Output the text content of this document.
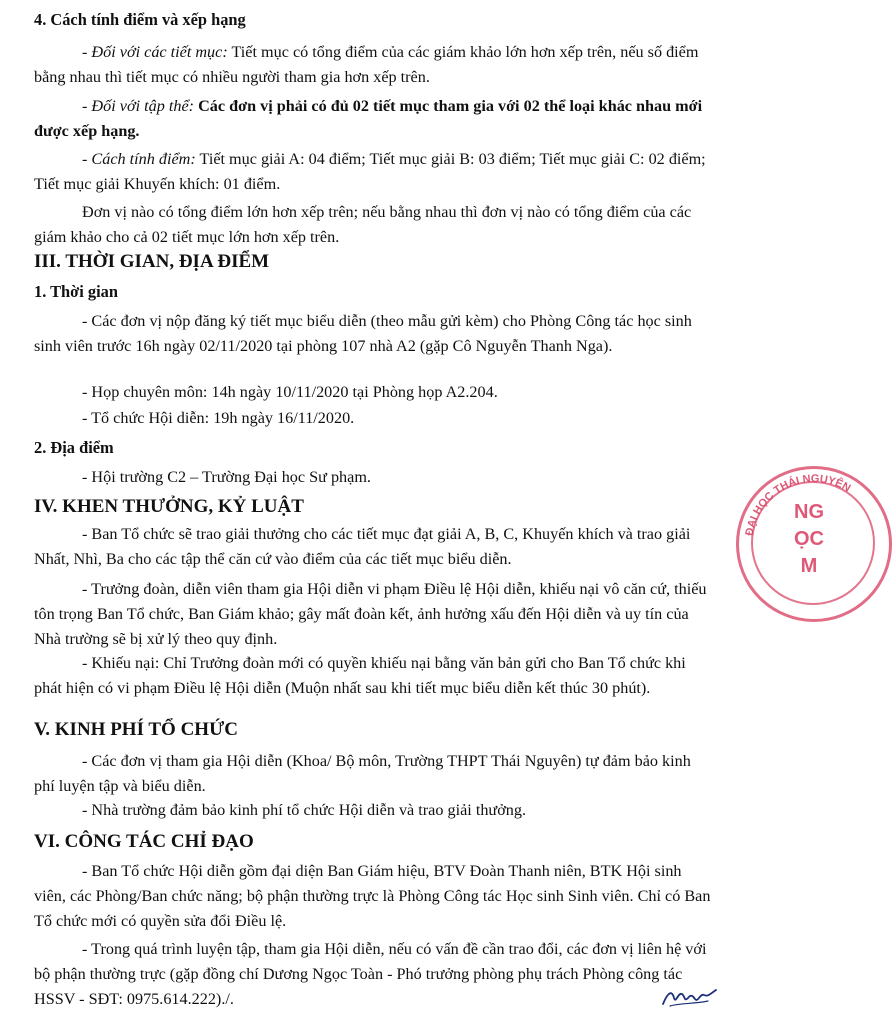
4. Cách tính điểm và xếp hạng
- Đối với các tiết mục: Tiết mục có tổng điểm của các giám khảo lớn hơn xếp trên, nếu số điểm bằng nhau thì tiết mục có nhiều người tham gia hơn xếp trên.
- Đối với tập thể: Các đơn vị phải có đủ 02 tiết mục tham gia với 02 thể loại khác nhau mới được xếp hạng.
- Cách tính điểm: Tiết mục giải A: 04 điểm; Tiết mục giải B: 03 điểm; Tiết mục giải C: 02 điểm; Tiết mục giải Khuyến khích: 01 điểm.
Đơn vị nào có tổng điểm lớn hơn xếp trên; nếu bằng nhau thì đơn vị nào có tổng điểm của các giám khảo cho cả 02 tiết mục lớn hơn xếp trên.
III. THỜI GIAN, ĐỊA ĐIỂM
1. Thời gian
- Các đơn vị nộp đăng ký tiết mục biểu diễn (theo mẫu gửi kèm) cho Phòng Công tác học sinh sinh viên trước 16h ngày 02/11/2020 tại phòng 107 nhà A2 (gặp Cô Nguyễn Thanh Nga).
- Họp chuyên môn: 14h ngày 10/11/2020 tại Phòng họp A2.204.
- Tổ chức Hội diễn: 19h ngày 16/11/2020.
2. Địa điểm
- Hội trường C2 – Trường Đại học Sư phạm.
IV. KHEN THƯỞNG, KỶ LUẬT
- Ban Tổ chức sẽ trao giải thưởng cho các tiết mục đạt giải A, B, C, Khuyến khích và trao giải Nhất, Nhì, Ba cho các tập thể căn cứ vào điểm của các tiết mục biểu diễn.
- Trưởng đoàn, diễn viên tham gia Hội diễn vi phạm Điều lệ Hội diễn, khiếu nại vô căn cứ, thiếu tôn trọng Ban Tổ chức, Ban Giám khảo; gây mất đoàn kết, ảnh hưởng xấu đến Hội diễn và uy tín của Nhà trường sẽ bị xử lý theo quy định.
- Khiếu nại: Chỉ Trưởng đoàn mới có quyền khiếu nại bằng văn bản gửi cho Ban Tổ chức khi phát hiện có vi phạm Điều lệ Hội diễn (Muộn nhất sau khi tiết mục biểu diễn kết thúc 30 phút).
V. KINH PHÍ TỔ CHỨC
- Các đơn vị tham gia Hội diễn (Khoa/ Bộ môn, Trường THPT Thái Nguyên) tự đảm bảo kinh phí luyện tập và biểu diễn.
- Nhà trường đảm bảo kinh phí tổ chức Hội diễn và trao giải thưởng.
VI. CÔNG TÁC CHỈ ĐẠO
- Ban Tổ chức Hội diễn gồm đại diện Ban Giám hiệu, BTV Đoàn Thanh niên, BTK Hội sinh viên, các Phòng/Ban chức năng; bộ phận thường trực là Phòng Công tác Học sinh Sinh viên. Chỉ có Ban Tổ chức mới có quyền sửa đổi Điều lệ.
- Trong quá trình luyện tập, tham gia Hội diễn, nếu có vấn đề cần trao đổi, các đơn vị liên hệ với bộ phận thường trực (gặp đồng chí Dương Ngọc Toàn - Phó trưởng phòng phụ trách Phòng công tác HSSV - SĐT: 0975.614.222)./.
ĐẠI HỌC THÁI NGUYÊN
NG
ỌC
M
